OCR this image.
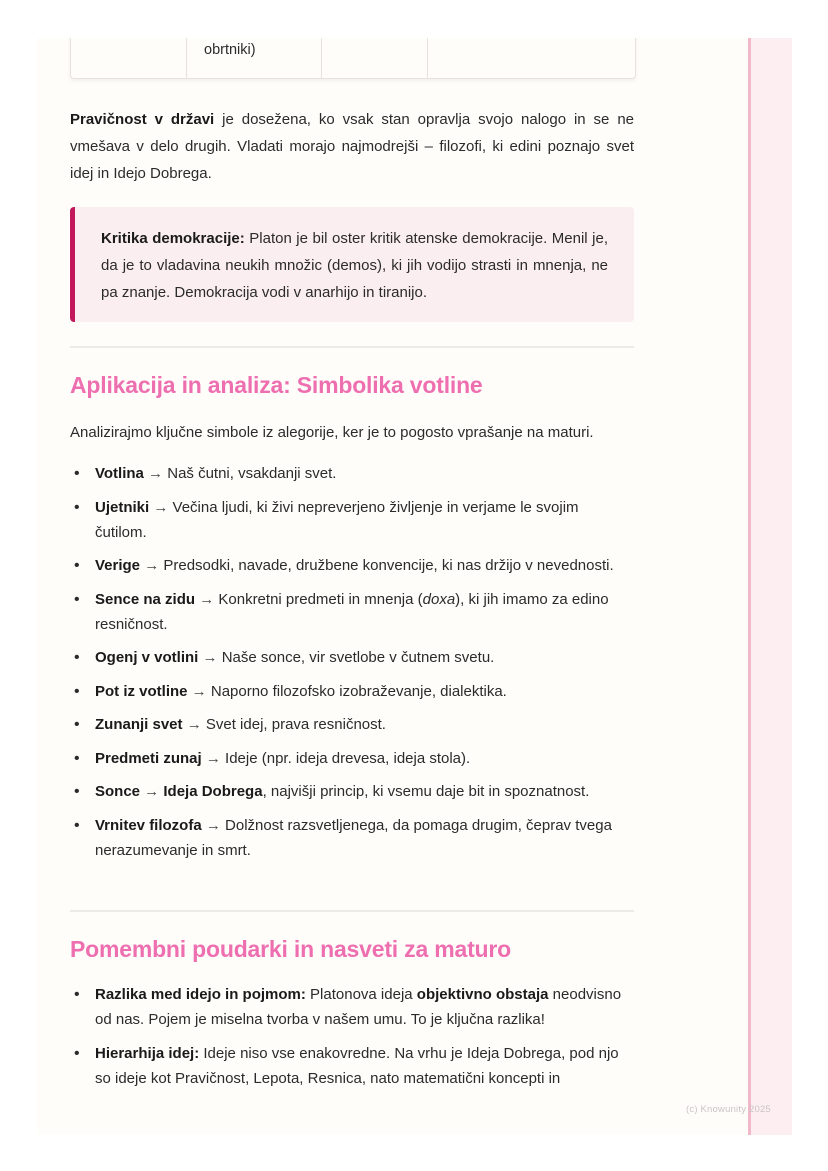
obrtniki)

Pravičnost v državi je dosežena, ko vsak stan opravlja svojo nalogo in se ne vmešava v delo drugih. Vladati morajo najmodrejši – filozofi, ki edini poznajo svet idej in Idejo Dobrega.

Kritika demokracije: Platon je bil oster kritik atenske demokracije. Menil je, da je to vladavina neukih množic (demos), ki jih vodijo strasti in mnenja, ne pa znanje. Demokracija vodi v anarhijo in tiranijo.

Aplikacija in analiza: Simbolika votline
Analizirajmo ključne simbole iz alegorije, ker je to pogosto vprašanje na maturi.
• Votlina → Naš čutni, vsakdanji svet.
• Ujetniki → Večina ljudi, ki živi nepreverjeno življenje in verjame le svojim čutilom.
• Verige → Predsodki, navade, družbene konvencije, ki nas držijo v nevednosti.
• Sence na zidu → Konkretni predmeti in mnenja (doxa), ki jih imamo za edino resničnost.
• Ogenj v votlini → Naše sonce, vir svetlobe v čutnem svetu.
• Pot iz votline → Naporno filozofsko izobraževanje, dialektika.
• Zunanji svet → Svet idej, prava resničnost.
• Predmeti zunaj → Ideje (npr. ideja drevesa, ideja stola).
• Sonce → Ideja Dobrega, najvišji princip, ki vsemu daje bit in spoznatnost.
• Vrnitev filozofa → Dolžnost razsvetljenega, da pomaga drugim, čeprav tvega nerazumevanje in smrt.
Pomembni poudarki in nasveti za maturo
• Razlika med idejo in pojmom: Platonova ideja objektivno obstaja neodvisno od nas. Pojem je miselna tvorba v našem umu. To je ključna razlika!
• Hierarhija idej: Ideje niso vse enakovredne. Na vrhu je Ideja Dobrega, pod njo so ideje kot Pravičnost, Lepota, Resnica, nato matematični koncepti in
(c) Knowunity 2025
